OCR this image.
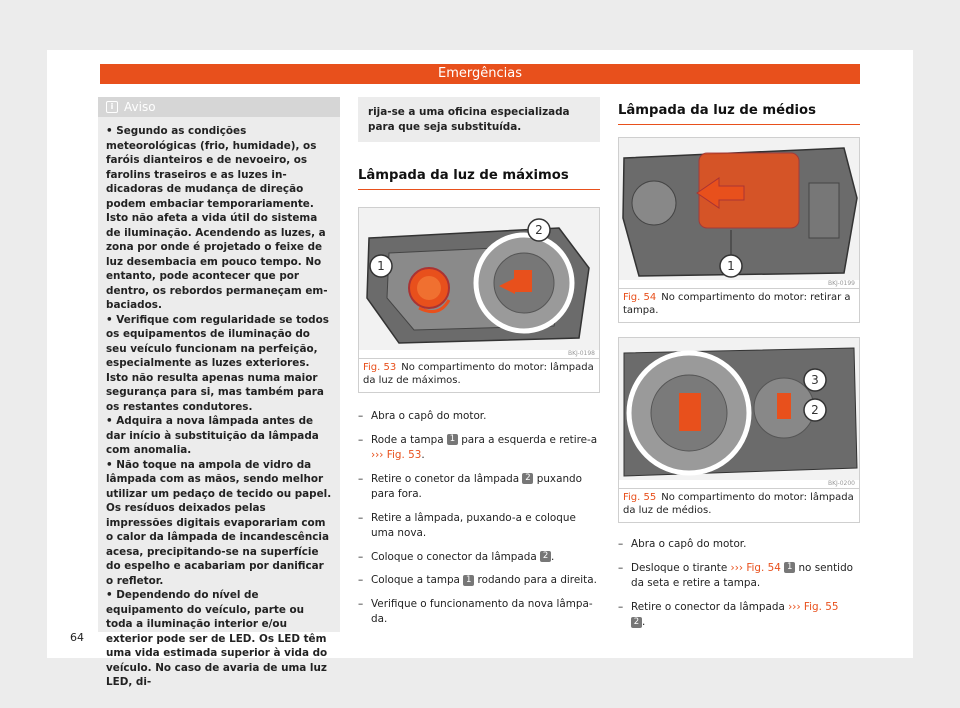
Emergências
i Aviso

• Segundo as condições meteorológicas (frio, humidade), os faróis dianteiros e de nevoeiro, os farolins traseiros e as luzes indicadoras de mudança de direção podem embaciar temporariamente. Isto não afeta a vida útil do sistema de iluminação. Acendendo as luzes, a zona por onde é projetado o feixe de luz desembacia em pouco tempo. No entanto, pode acontecer que por dentro, os rebordos permaneçam embaciados.

• Verifique com regularidade se todos os equipamentos de iluminação do seu veículo funcionam na perfeição, especialmente as luzes exteriores. Isto não resulta apenas numa maior segurança para si, mas também para os restantes condutores.

• Adquira a nova lâmpada antes de dar início à substituição da lâmpada com anomalia.

• Não toque na ampola de vidro da lâmpada com as mãos, sendo melhor utilizar um pedaço de tecido ou papel. Os resíduos deixados pelas impressões digitais evaporariam com o calor da lâmpada de incandescência acesa, precipitando-se na superfície do espelho e acabariam por danificar o refletor.

• Dependendo do nível de equipamento do veículo, parte ou toda a iluminação interior e/ou exterior pode ser de LED. Os LED têm uma vida estimada superior à vida do veículo. No caso de avaria de uma luz LED, di-

rija-se a uma oficina especializada para que seja substituída.
Lâmpada da luz de máximos
1
2
BKJ-0198
Fig. 53 No compartimento do motor: lâmpada da luz de máximos.
– Abra o capô do motor.
– Rode a tampa 1 para a esquerda e retire-a ››› Fig. 53.
– Retire o conetor da lâmpada 2 puxando para fora.
– Retire a lâmpada, puxando-a e coloque uma nova.
– Coloque o conector da lâmpada 2 .
– Coloque a tampa 1 rodando para a direita.
– Verifique o funcionamento da nova lâmpada.
Lâmpada da luz de médios
1
BKJ-0199
Fig. 54 No compartimento do motor: retirar a tampa.
3
2
BKJ-0200
Fig. 55 No compartimento do motor: lâmpada da luz de médios.
– Abra o capô do motor.
– Desloque o tirante ››› Fig. 54 1 no sentido da seta e retire a tampa.
– Retire o conector da lâmpada ››› Fig. 55
2 .
64
